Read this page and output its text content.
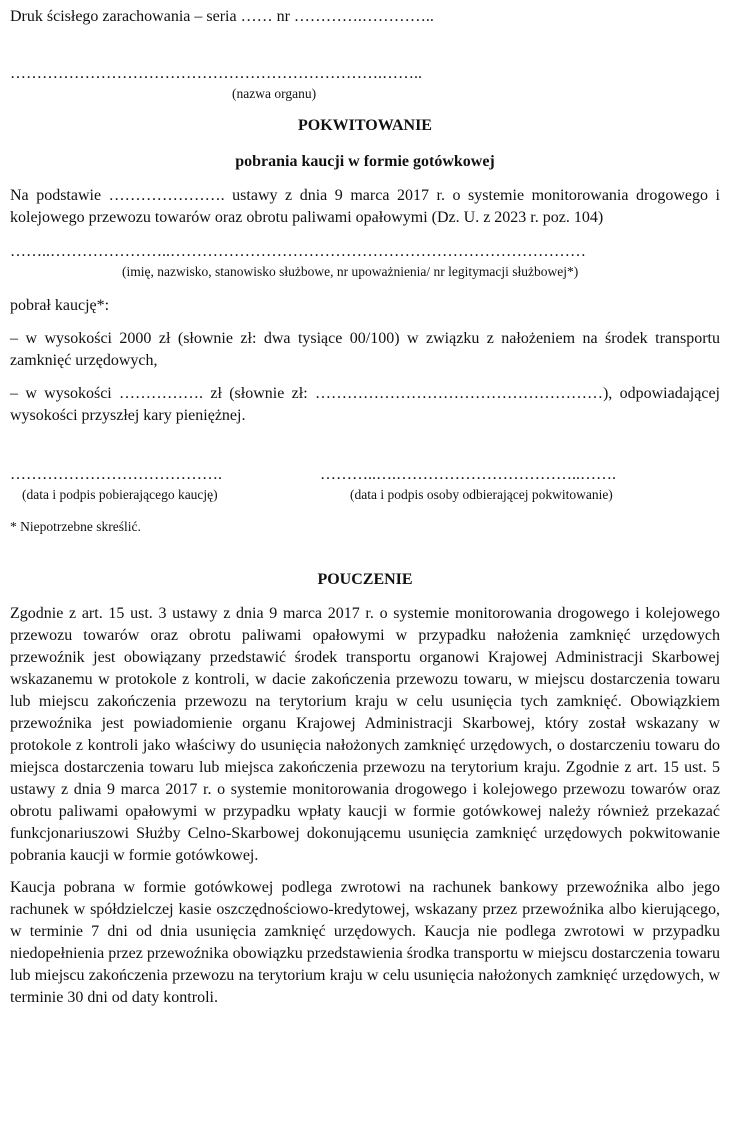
Druk ścisłego zarachowania – seria …… nr ………….…………..

…………………………………………………………….……..

(nazwa organu)

POKWITOWANIE

pobrania kaucji w formie gotówkowej

Na podstawie …………………. ustawy z dnia 9 marca 2017 r. o systemie monitorowania drogowego i kolejowego przewozu towarów oraz obrotu paliwami opałowymi (Dz. U. z 2023 r. poz. 104)

……..…………………..……………………………………………………………………

(imię, nazwisko, stanowisko służbowe, nr upoważnienia/ nr legitymacji służbowej*)

pobrał kaucję*:

– w wysokości 2000 zł (słownie zł: dwa tysiące 00/100) w związku z nałożeniem na środek transportu zamknięć urzędowych,

– w wysokości ……………. zł (słownie zł: ………………………………………………), odpowiadającej wysokości przyszłej kary pieniężnej.

………………………………….

(data i podpis pobierającego kaucję)

………..….……………………………..…….

(data i podpis osoby odbierającej pokwitowanie)

* Niepotrzebne skreślić.

POUCZENIE

Zgodnie z art. 15 ust. 3 ustawy z dnia 9 marca 2017 r. o systemie monitorowania drogowego i kolejowego przewozu towarów oraz obrotu paliwami opałowymi w przypadku nałożenia zamknięć urzędowych przewoźnik jest obowiązany przedstawić środek transportu organowi Krajowej Administracji Skarbowej wskazanemu w protokole z kontroli, w dacie zakończenia przewozu towaru, w miejscu dostarczenia towaru lub miejscu zakończenia przewozu na terytorium kraju w celu usunięcia tych zamknięć. Obowiązkiem przewoźnika jest powiadomienie organu Krajowej Administracji Skarbowej, który został wskazany w protokole z kontroli jako właściwy do usunięcia nałożonych zamknięć urzędowych, o dostarczeniu towaru do miejsca dostarczenia towaru lub miejsca zakończenia przewozu na terytorium kraju. Zgodnie z art. 15 ust. 5 ustawy z dnia 9 marca 2017 r. o systemie monitorowania drogowego i kolejowego przewozu towarów oraz obrotu paliwami opałowymi w przypadku wpłaty kaucji w formie gotówkowej należy również przekazać funkcjonariuszowi Służby Celno-Skarbowej dokonującemu usunięcia zamknięć urzędowych pokwitowanie pobrania kaucji w formie gotówkowej.

Kaucja pobrana w formie gotówkowej podlega zwrotowi na rachunek bankowy przewoźnika albo jego rachunek w spółdzielczej kasie oszczędnościowo-kredytowej, wskazany przez przewoźnika albo kierującego, w terminie 7 dni od dnia usunięcia zamknięć urzędowych. Kaucja nie podlega zwrotowi w przypadku niedopełnienia przez przewoźnika obowiązku przedstawienia środka transportu w miejscu dostarczenia towaru lub miejscu zakończenia przewozu na terytorium kraju w celu usunięcia nałożonych zamknięć urzędowych, w terminie 30 dni od daty kontroli.
